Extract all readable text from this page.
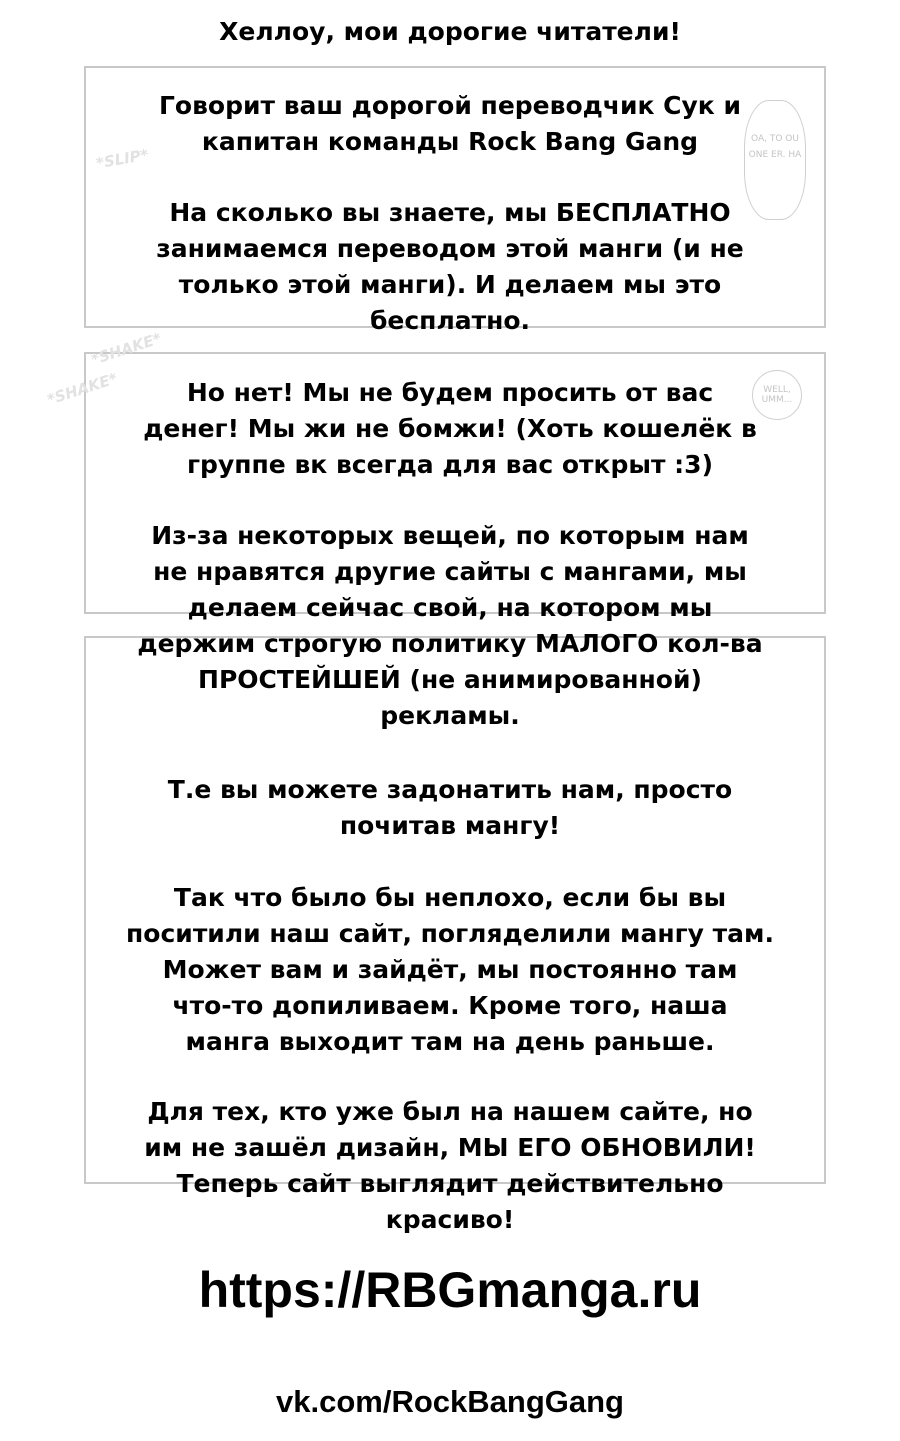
*SHAKE*
*SHAKE*
*SLIP*
WELL, UMM...
OA, TO OU ONE ER. HA
Хеллоу, мои дорогие читатели!
Говорит ваш дорогой переводчик Сук и
капитан команды Rock Bang Gang
На сколько вы знаете, мы БЕСПЛАТНО
занимаемся переводом этой манги (и не
только этой манги). И делаем мы это
бесплатно.
Но нет! Мы не будем просить от вас
денег! Мы жи не бомжи! (Хоть кошелёк в
группе вк всегда для вас открыт :3)
Из-за некоторых вещей, по которым нам
не нравятся другие сайты с мангами, мы
делаем сейчас свой, на котором мы
держим строгую политику МАЛОГО кол-ва
ПРОСТЕЙШЕЙ (не анимированной)
рекламы.
Т.е вы можете задонатить нам, просто
почитав мангу!
Так что было бы неплохо, если бы вы
поситили наш сайт, погляделили мангу там.
Может вам и зайдёт, мы постоянно там
что-то допиливаем. Кроме того, наша
манга выходит там на день раньше.
Для тех, кто уже был на нашем сайте, но
им не зашёл дизайн, МЫ ЕГО ОБНОВИЛИ!
Теперь сайт выглядит действительно
красиво!
https://RBGmanga.ru
vk.com/RockBangGang
